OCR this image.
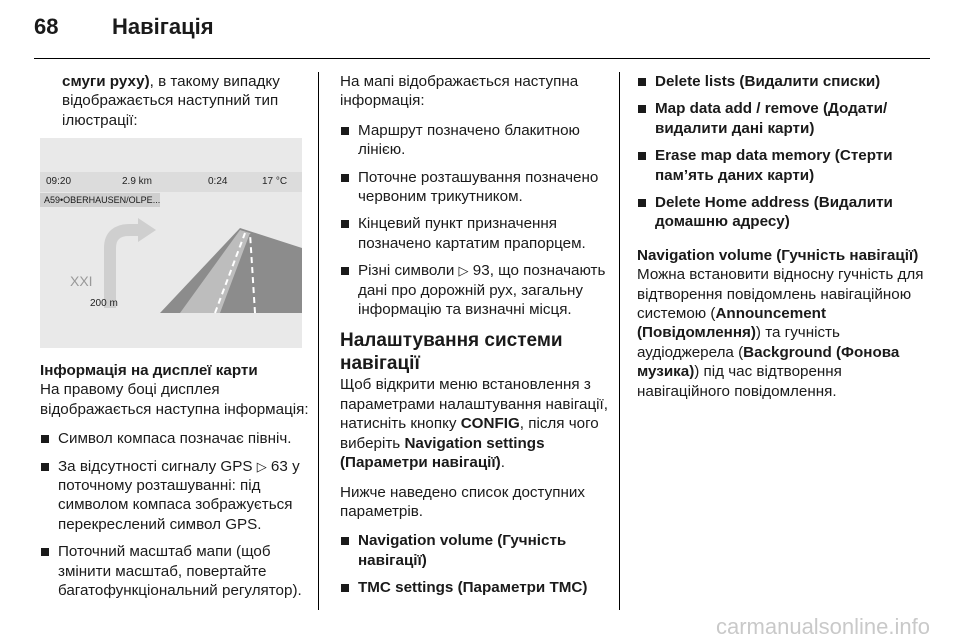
68 Навігація

смуги руху), в такому випадку відображається наступний тип ілюстрації:

09:20	2.9 km	0:24	17 °C
A59•OBERHAUSEN/OLPE...
XXI
200 m
Інформація на дисплеї карти

На правому боці дисплея відображається наступна інформація:

Символ компаса позначає північ.
За відсутності сигналу GPS ▷ 63 у поточному розташуванні: під символом компаса зображується перекреслений символ GPS.
Поточний масштаб мапи (щоб змінити масштаб, повертайте багатофункціональний регулятор).

На мапі відображається наступна інформація:

Маршрут позначено блакитною лінією.
Поточне розташування позначено червоним трикутником.
Кінцевий пункт призначення позначено картатим прапорцем.
Різні символи ▷ 93, що позначають дані про дорожній рух, загальну інформацію та визначні місця.
Налаштування системи навігації

Щоб відкрити меню встановлення з параметрами налаштування навігації, натисніть кнопку CONFIG, після чого виберіть Navigation settings (Параметри навігації).

Нижче наведено список доступних параметрів.

Navigation volume (Гучність навігації)
TMC settings (Параметри TMC)
Delete lists (Видалити списки)
Map data add / remove (Додати/ видалити дані карти)
Erase map data memory (Стерти пам’ять даних карти)
Delete Home address (Видалити домашню адресу)
Navigation volume (Гучність навігації)

Можна встановити відносну гучність для відтворення повідомлень навігаційною системою (Announcement (Повідомлення)) та гучність аудіоджерела (Background (Фонова музика)) під час відтворення навігаційного повідомлення.

carmanualsonline.info
